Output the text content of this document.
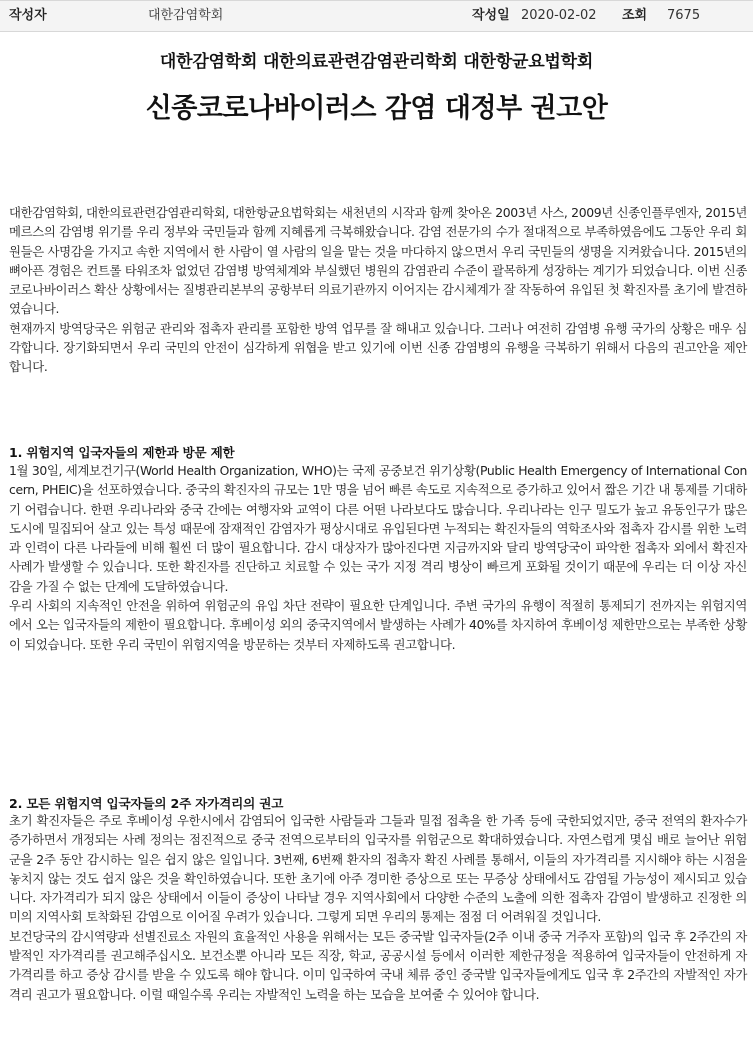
작성자	대한감염학회	작성일 2020-02-02 조회 7675
대한감염학회 대한의료관련감염관리학회 대한항균요법학회
신종코로나바이러스 감염 대정부 권고안

대한감염학회, 대한의료관련감염관리학회, 대한항균요법학회는 새천년의 시작과 함께 찾아온 2003년 사스, 2009년 신종인플루엔자, 2015년 메르스의 감염병 위기를 우리 정부와 국민들과 함께 지혜롭게 극복해왔습니다. 감염 전문가의 수가 절대적으로 부족하였음에도 그동안 우리 회원들은 사명감을 가지고 속한 지역에서 한 사람이 열 사람의 일을 맡는 것을 마다하지 않으면서 우리 국민들의 생명을 지켜왔습니다. 2015년의 뼈아픈 경험은 컨트롤 타워조차 없었던 감염병 방역체계와 부실했던 병원의 감염관리 수준이 괄목하게 성장하는 계기가 되었습니다. 이번 신종코로나바이러스 확산 상황에서는 질병관리본부의 공항부터 의료기관까지 이어지는 감시체계가 잘 작동하여 유입된 첫 확진자를 초기에 발견하였습니다.

현재까지 방역당국은 위험군 관리와 접촉자 관리를 포함한 방역 업무를 잘 해내고 있습니다. 그러나 여전히 감염병 유행 국가의 상황은 매우 심각합니다. 장기화되면서 우리 국민의 안전이 심각하게 위협을 받고 있기에 이번 신종 감염병의 유행을 극복하기 위해서 다음의 권고안을 제안합니다.

1. 위험지역 입국자들의 제한과 방문 제한

1월 30일, 세계보건기구(World Health Organization, WHO)는 국제 공중보건 위기상황(Public Health Emergency of International Concern, PHEIC)을 선포하였습니다. 중국의 확진자의 규모는 1만 명을 넘어 빠른 속도로 지속적으로 증가하고 있어서 짧은 기간 내 통제를 기대하기 어렵습니다. 한편 우리나라와 중국 간에는 여행자와 교역이 다른 어떤 나라보다도 많습니다. 우리나라는 인구 밀도가 높고 유동인구가 많은 도시에 밀집되어 살고 있는 특성 때문에 잠재적인 감염자가 평상시대로 유입된다면 누적되는 확진자들의 역학조사와 접촉자 감시를 위한 노력과 인력이 다른 나라들에 비해 훨씬 더 많이 필요합니다. 감시 대상자가 많아진다면 지금까지와 달리 방역당국이 파악한 접촉자 외에서 확진자 사례가 발생할 수 있습니다. 또한 확진자를 진단하고 치료할 수 있는 국가 지정 격리 병상이 빠르게 포화될 것이기 때문에 우리는 더 이상 자신감을 가질 수 없는 단계에 도달하였습니다.

우리 사회의 지속적인 안전을 위하여 위험군의 유입 차단 전략이 필요한 단계입니다. 주변 국가의 유행이 적절히 통제되기 전까지는 위험지역에서 오는 입국자들의 제한이 필요합니다. 후베이성 외의 중국지역에서 발생하는 사례가 40%를 차지하여 후베이성 제한만으로는 부족한 상황이 되었습니다. 또한 우리 국민이 위험지역을 방문하는 것부터 자제하도록 권고합니다.

2. 모든 위험지역 입국자들의 2주 자가격리의 권고

초기 확진자들은 주로 후베이성 우한시에서 감염되어 입국한 사람들과 그들과 밀접 접촉을 한 가족 등에 국한되었지만, 중국 전역의 환자수가 증가하면서 개정되는 사례 정의는 점진적으로 중국 전역으로부터의 입국자를 위험군으로 확대하였습니다. 자연스럽게 몇십 배로 늘어난 위험군을 2주 동안 감시하는 일은 쉽지 않은 일입니다. 3번째, 6번째 환자의 접촉자 확진 사례를 통해서, 이들의 자가격리를 지시해야 하는 시점을 놓치지 않는 것도 쉽지 않은 것을 확인하였습니다. 또한 초기에 아주 경미한 증상으로 또는 무증상 상태에서도 감염될 가능성이 제시되고 있습니다. 자가격리가 되지 않은 상태에서 이들이 증상이 나타날 경우 지역사회에서 다양한 수준의 노출에 의한 접촉자 감염이 발생하고 진정한 의미의 지역사회 토착화된 감염으로 이어질 우려가 있습니다. 그렇게 되면 우리의 통제는 점점 더 어려워질 것입니다.

보건당국의 감시역량과 선별진료소 자원의 효율적인 사용을 위해서는 모든 중국발 입국자들(2주 이내 중국 거주자 포함)의 입국 후 2주간의 자발적인 자가격리를 권고해주십시오. 보건소뿐 아니라 모든 직장, 학교, 공공시설 등에서 이러한 제한규정을 적용하여 입국자들이 안전하게 자가격리를 하고 증상 감시를 받을 수 있도록 해야 합니다. 이미 입국하여 국내 체류 중인 중국발 입국자들에게도 입국 후 2주간의 자발적인 자가격리 권고가 필요합니다. 이럴 때일수록 우리는 자발적인 노력을 하는 모습을 보여줄 수 있어야 합니다.
